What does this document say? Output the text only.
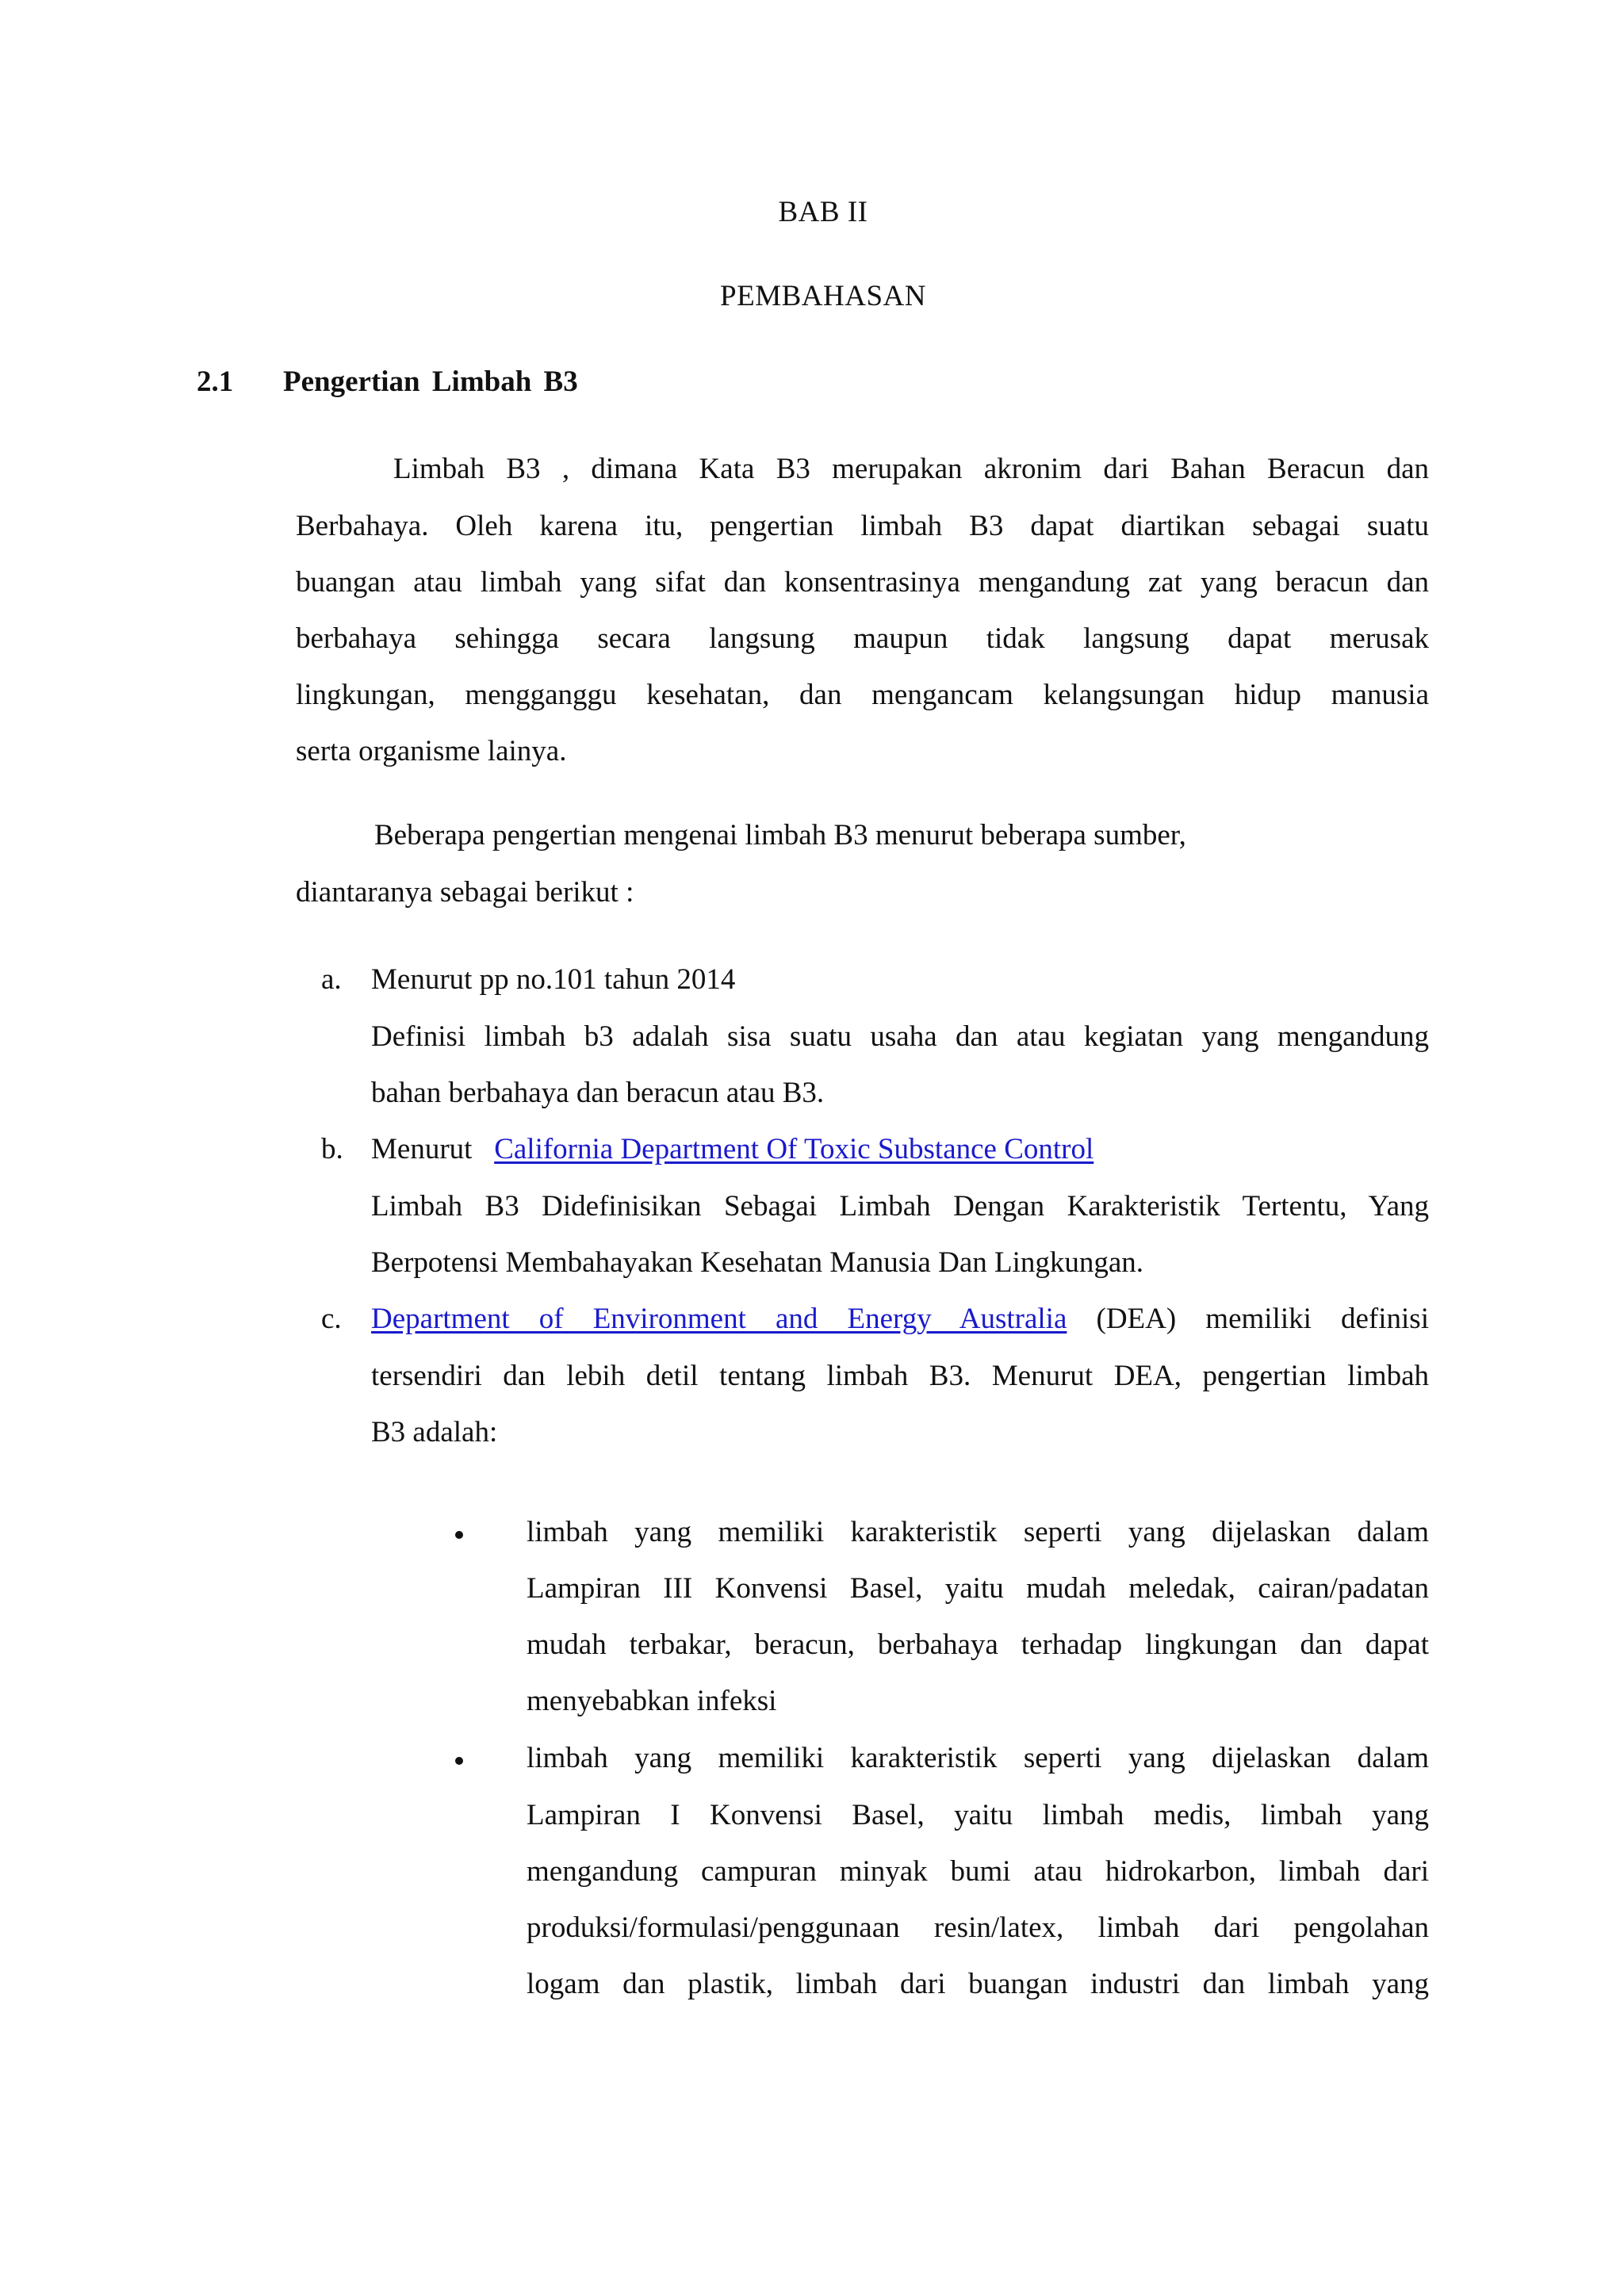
BAB II
PEMBAHASAN
2.1 Pengertian Limbah B3
Limbah B3 , dimana Kata B3 merupakan akronim dari Bahan Beracun dan
Berbahaya. Oleh karena itu, pengertian limbah B3 dapat diartikan sebagai suatu
buangan atau limbah yang sifat dan konsentrasinya mengandung zat yang beracun dan
berbahaya sehingga secara langsung maupun tidak langsung dapat merusak
lingkungan, mengganggu kesehatan, dan mengancam kelangsungan hidup manusia
serta organisme lainya.
Beberapa pengertian mengenai limbah B3 menurut beberapa sumber,
diantaranya sebagai berikut :
a. Menurut pp no.101 tahun 2014
Definisi limbah b3 adalah sisa suatu usaha dan atau kegiatan yang mengandung
bahan berbahaya dan beracun atau B3.
b. Menurut California Department Of Toxic Substance Control
Limbah B3 Didefinisikan Sebagai Limbah Dengan Karakteristik Tertentu, Yang
Berpotensi Membahayakan Kesehatan Manusia Dan Lingkungan.
c. Department of Environment and Energy Australia (DEA) memiliki definisi
tersendiri dan lebih detil tentang limbah B3. Menurut DEA, pengertian limbah
B3 adalah:
limbah yang memiliki karakteristik seperti yang dijelaskan dalam
Lampiran III Konvensi Basel, yaitu mudah meledak, cairan/padatan
mudah terbakar, beracun, berbahaya terhadap lingkungan dan dapat
menyebabkan infeksi
limbah yang memiliki karakteristik seperti yang dijelaskan dalam
Lampiran I Konvensi Basel, yaitu limbah medis, limbah yang
mengandung campuran minyak bumi atau hidrokarbon, limbah dari
produksi/formulasi/penggunaan resin/latex, limbah dari pengolahan
logam dan plastik, limbah dari buangan industri dan limbah yang
